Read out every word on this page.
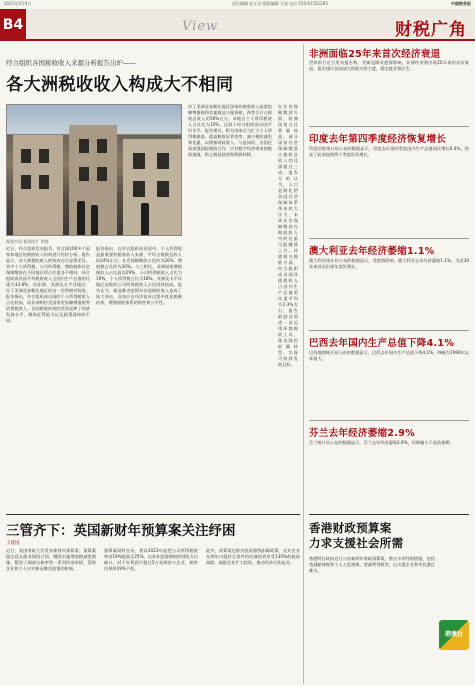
2021年3月9日	责任编辑 彭正羽 组版编辑 万旭 电话 010-61551283	中国税务报
B4	View	财税广角
经合组织各国税收收入来源分析报告出炉——
各大洲税收收入构成大不相同
视觉中国 新闻图片 供图
近日，经合组织发布报告，对全球100多个国家和地区的税收收入结构进行比较分析。报告显示，各大洲税收收入的构成存在显著差异，其中个人所得税、公司所得税、增值税和社会保障缴款在不同地区所占比重各不相同。经合组织成员国平均税收收入占国内生产总值的比重为33.8%，而非洲、亚洲及太平洋地区、拉丁美洲及加勒比地区的这一比例相对较低。报告指出，经合组织成员国的个人所得税收入占比较高，而非洲和拉美国家更依赖增值税等消费税收入。各国税收结构的差异反映了经济发展水平、税收征管能力以及政策选择的不同。
报告指出，在经合组织成员国中，个人所得税是最重要的税收收入来源，平均占税收总收入的24%左右；社会保障缴款占比约为26%；增值税占比约为20%。与之相比，非洲国家增值税收入占比高达29%，公司所得税收入占比为19%，个人所得税占比为18%。亚洲及太平洋地区国家的公司所得税收入占比同样较高。报告认为，新冠肺炎疫情对各国税收收入造成了较大冲击，各国应在经济复苏过程中优化税制结构，增强税收体系的韧性和公平性。
拉丁美洲及加勒比地区国家的税收收入高度依赖增值税和其他商品与服务税，两者合计占税收总收入的50%左右。该地区个人所得税收入占比仅为10%，远低于经合组织成员国平均水平。报告建议，相关国家应当扩大个人所得税税基，提高税收征管效率，减少税收减免和优惠，以增加财政收入。与此同时，各国还需加强国际税收合作，应对数字经济带来的税收挑战，防止税基侵蚀和利润转移。
在社会保障缴款方面，欧洲国家占比普遍较高，部分国家社会保障缴款占税收总收入的比重超过三成。报告分析认为，人口老龄化给各国社会保障体系带来较大压力，未来社会保障缴款在税收收入中的比重可能继续上升。环境相关税收方面，经合组织成员国环境税收入占国内生产总值的比重平均为2.3%左右，报告鼓励各国进一步运用环境税收工具，推动绿色低碳转型，实现可持续发展目标。
三管齐下：英国新财年预算案关注纾困
王建国
近日，英国财政大臣发布新财年预算案。预算案提出延长就业保留计划、继续实施增值税减免措施、暂停上调部分税率等一系列纾困举措，帮助企业和个人应对新冠肺炎疫情的影响。
预算案同时宣布，将从2023年起把公司所得税税率由19%提高至25%，以弥补疫情期间的财政支出缺口。对于年利润不超过5万英镑的小企业，税率仍保持19%不变。
此外，预算案还推出投资超级扣除政策，允许企业在两年内就符合条件的设备投资享受130%的税前扣除，鼓励企业扩大投资，推动经济尽快复苏。
非洲面临25年来首次经济衰退
世界银行近日发布报告称，受新冠肺炎疫情影响，非洲经济将出现25年来的首次衰退。报告建议各国加大财政支持力度，稳定就业和民生。
印度去年第四季度经济恢复增长
印度国家统计局公布的数据显示，印度去年第四季度国内生产总值同比增长0.4%，结束了此前连续两个季度的负增长。
澳大利亚去年经济萎缩1.1%
澳大利亚统计局公布的数据显示，受疫情影响，澳大利亚去年经济萎缩1.1%，为近30年来首次出现年度负增长。
巴西去年国内生产总值下降4.1%
巴西地理统计局公布的数据显示，巴西去年国内生产总值下降4.1%，降幅为1990年以来最大。
芬兰去年经济萎缩2.9%
芬兰统计局公布的数据显示，芬兰去年经济萎缩2.9%，但降幅小于此前预期。
香港财政预算案
力求支援社会所需
香港特区政府近日公布新财年财政预算案，推出多项纾困措施，包括宽减薪俸税和个人入息课税、宽减利得税等，以支援企业和市民渡过难关。
港澳台
